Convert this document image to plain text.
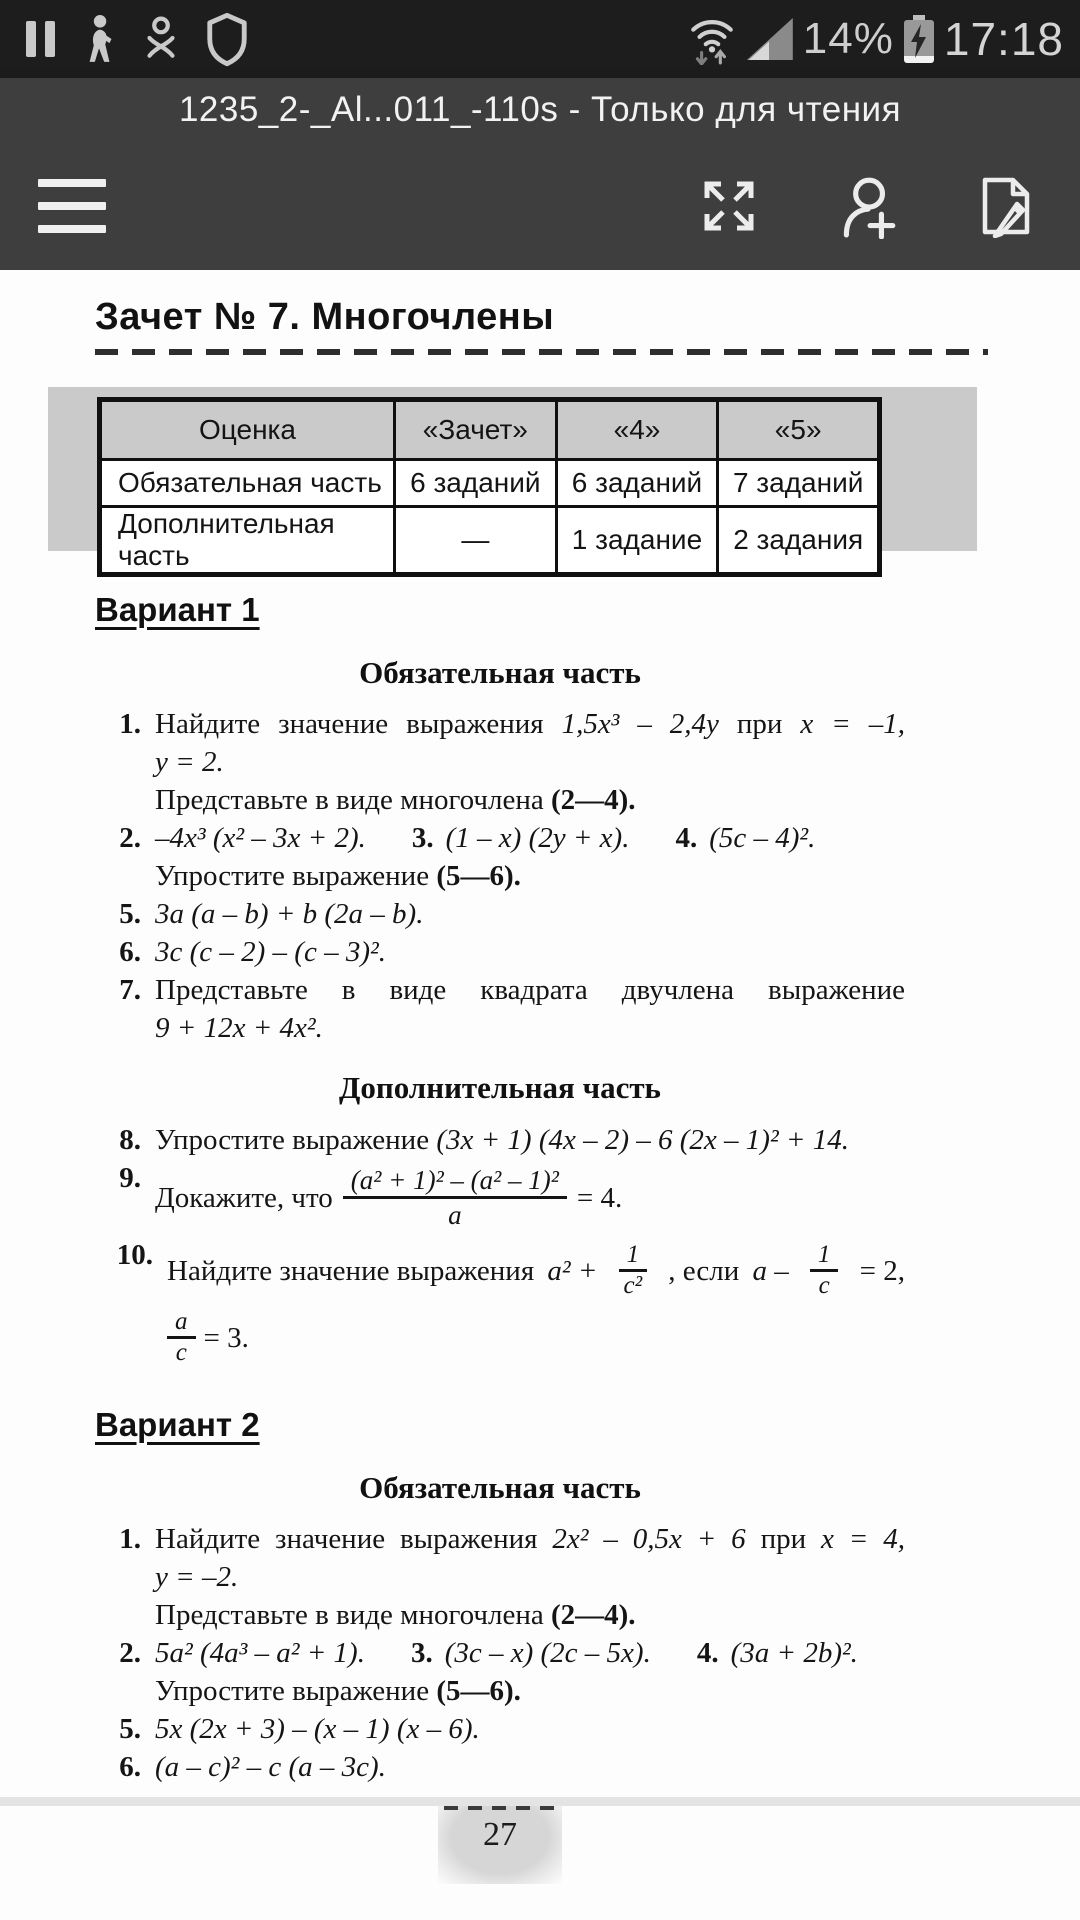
14% 17:18
1235_2-_Al...011_-110s - Только для чтения
Зачет № 7. Многочлены
Оценка	«Зачет»	«4»	«5»
Обязательная часть	6 заданий	6 заданий	7 заданий
Дополнительная часть	—	1 задание	2 задания
Вариант 1
Обязательная часть
1. Найдите значение выражения 1,5x³ – 2,4y при x = –1,
y = 2.
Представьте в виде многочлена (2—4).
2. –4x³ (x² – 3x + 2). 3. (1 – x) (2y + x). 4. (5c – 4)².
Упростите выражение (5—6).
5. 3a (a – b) + b (2a – b).
6. 3c (c – 2) – (c – 3)².
7. Представьте в виде квадрата двучлена выражение
9 + 12x + 4x².
Дополнительная часть
8. Упростите выражение (3x + 1) (4x – 2) – 6 (2x – 1)² + 14.
9.
Докажите, что $\frac{\text{(a² + 1)² – (a² – 1)²}}{a} = 4$.
10. Найдите значение выражения $a^2 + \frac{1}{\text{c²}}$ , если $a - \frac{1}{c} = 2$,
$\frac{a}{c} = 3$.
Вариант 2
Обязательная часть
1. Найдите значение выражения 2x² – 0,5x + 6 при x = 4,
y = –2.
Представьте в виде многочлена (2—4).
2. 5a² (4a³ – a² + 1). 3. (3c – x) (2c – 5x). 4. (3a + 2b)².
Упростите выражение (5—6).
5. 5x (2x + 3) – (x – 1) (x – 6).
6. (a – c)² – c (a – 3c).
27
